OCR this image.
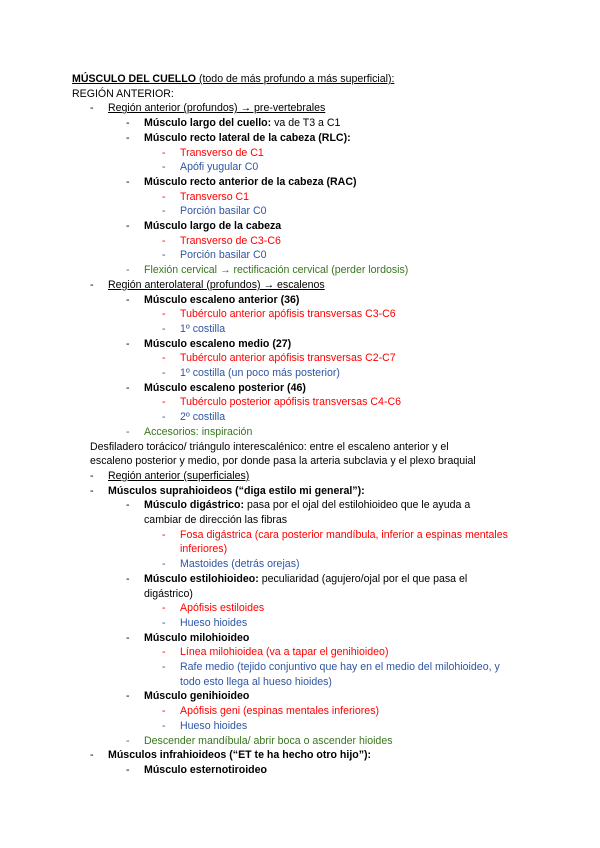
MÚSCULO DEL CUELLO (todo de más profundo a más superficial):
REGIÓN ANTERIOR:
- Región anterior (profundos) → pre-vertebrales
- Músculo largo del cuello: va de T3 a C1
- Músculo recto lateral de la cabeza (RLC):
- Transverso de C1
- Apófi yugular C0
- Músculo recto anterior de la cabeza (RAC)
- Transverso C1
- Porción basilar C0
- Músculo largo de la cabeza
- Transverso de C3-C6
- Porción basilar C0
- Flexión cervical → rectificación cervical (perder lordosis)
- Región anterolateral (profundos) → escalenos
- Músculo escaleno anterior (36)
- Tubérculo anterior apófisis transversas C3-C6
- 1º costilla
- Músculo escaleno medio (27)
- Tubérculo anterior apófisis transversas C2-C7
- 1º costilla (un poco más posterior)
- Músculo escaleno posterior (46)
- Tubérculo posterior apófisis transversas C4-C6
- 2º costilla
- Accesorios: inspiración
Desfiladero torácico/ triángulo interescalénico: entre el escaleno anterior y el
escaleno posterior y medio, por donde pasa la arteria subclavia y el plexo braquial
- Región anterior (superficiales)
- Músculos suprahioideos (“diga estilo mi general”):
- Músculo digástrico: pasa por el ojal del estilohioideo que le ayuda a
cambiar de dirección las fibras
- Fosa digástrica (cara posterior mandíbula, inferior a espinas mentales
inferiores)
- Mastoides (detrás orejas)
- Músculo estilohioideo: peculiaridad (agujero/ojal por el que pasa el
digástrico)
- Apófisis estiloides
- Hueso hioides
- Músculo milohioideo
- Línea milohioidea (va a tapar el genihioideo)
- Rafe medio (tejido conjuntivo que hay en el medio del milohioideo, y
todo esto llega al hueso hioides)
- Músculo genihioideo
- Apófisis geni (espinas mentales inferiores)
- Hueso hioides
- Descender mandíbula/ abrir boca o ascender hioides
- Músculos infrahioideos (“ET te ha hecho otro hijo”):
- Músculo esternotiroideo
